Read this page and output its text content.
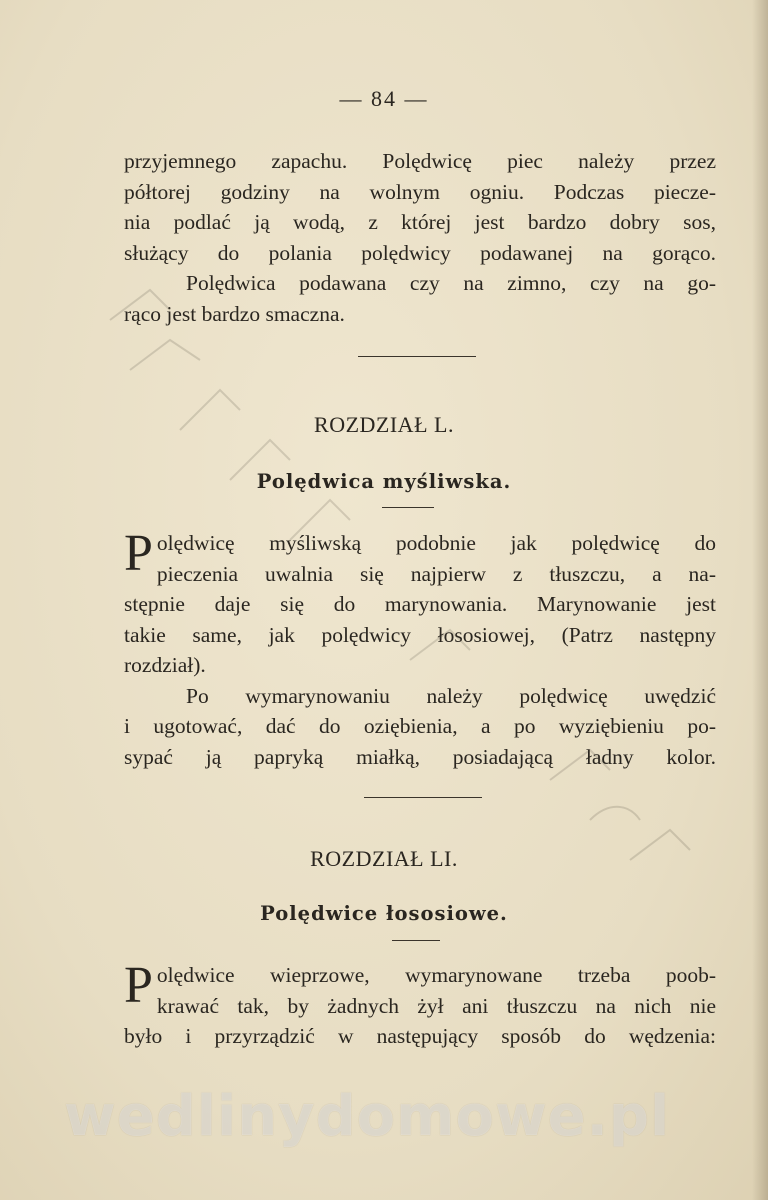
— 84 —
przyjemnego zapachu. Polędwicę piec należy przez
półtorej godziny na wolnym ogniu. Podczas piecze-
nia podlać ją wodą, z której jest bardzo dobry sos,
służący do polania polędwicy podawanej na gorąco.
Polędwica podawana czy na zimno, czy na go-
rąco jest bardzo smaczna.
ROZDZIAŁ L.
Polędwica myśliwska.
P olędwicę myśliwską podobnie jak polędwicę do
pieczenia uwalnia się najpierw z tłuszczu, a na-
stępnie daje się do marynowania. Marynowanie jest
takie same, jak polędwicy łososiowej, (Patrz następny
rozdział).
Po wymarynowaniu należy polędwicę uwędzić
i ugotować, dać do oziębienia, a po wyziębieniu po-
sypać ją papryką miałką, posiadającą ładny kolor.
ROZDZIAŁ LI.
Polędwice łososiowe.
P olędwice wieprzowe, wymarynowane trzeba poob-
krawać tak, by żadnych żył ani tłuszczu na nich nie
było i przyrządzić w następujący sposób do wędzenia:
wedlinydomowe.pl
